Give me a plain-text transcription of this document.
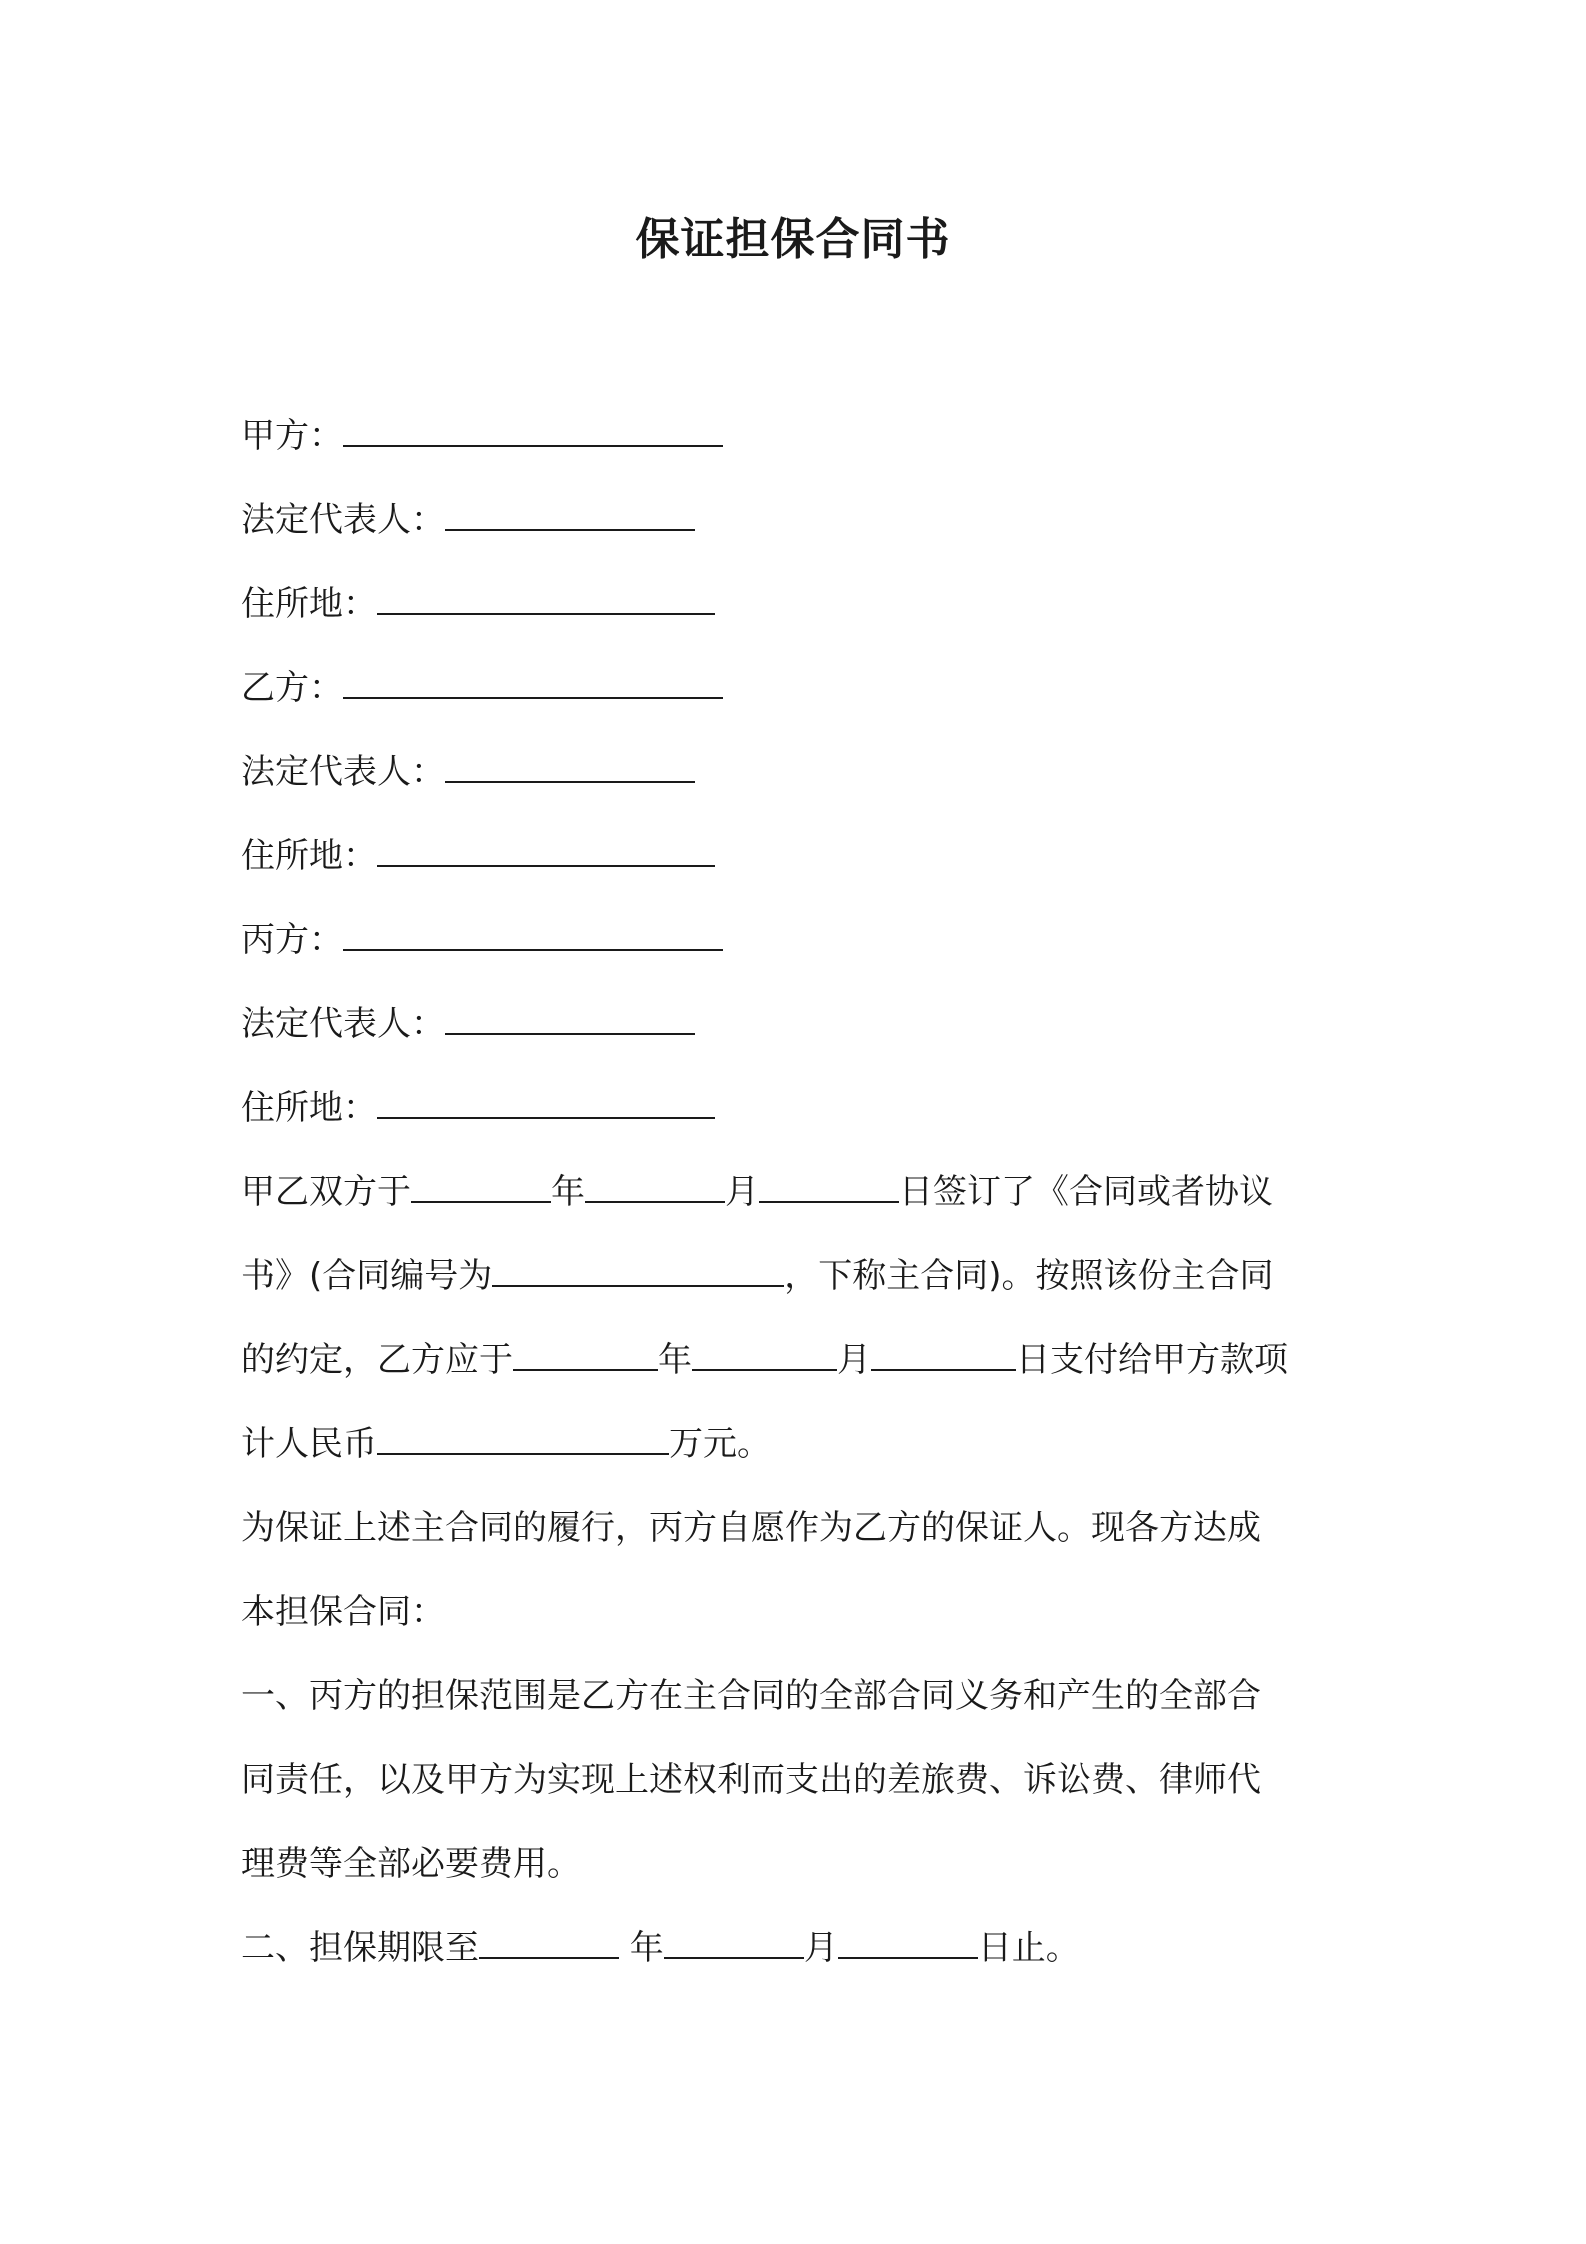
保证担保合同书
甲方：
法定代表人：
住所地：
乙方：
法定代表人：
住所地：
丙方：
法定代表人：
住所地：
甲乙双方于	年	月	日签订了《合同或者协议
书》(合同编号为	，下称主合同)。按照该份主合同
的约定，乙方应于	年	月	日支付给甲方款项
计人民币	万元。
为保证上述主合同的履行，丙方自愿作为乙方的保证人。现各方达成
本担保合同：
一、丙方的担保范围是乙方在主合同的全部合同义务和产生的全部合
同责任，以及甲方为实现上述权利而支出的差旅费、诉讼费、律师代
理费等全部必要费用。
二、担保期限至	年	月	日止。
